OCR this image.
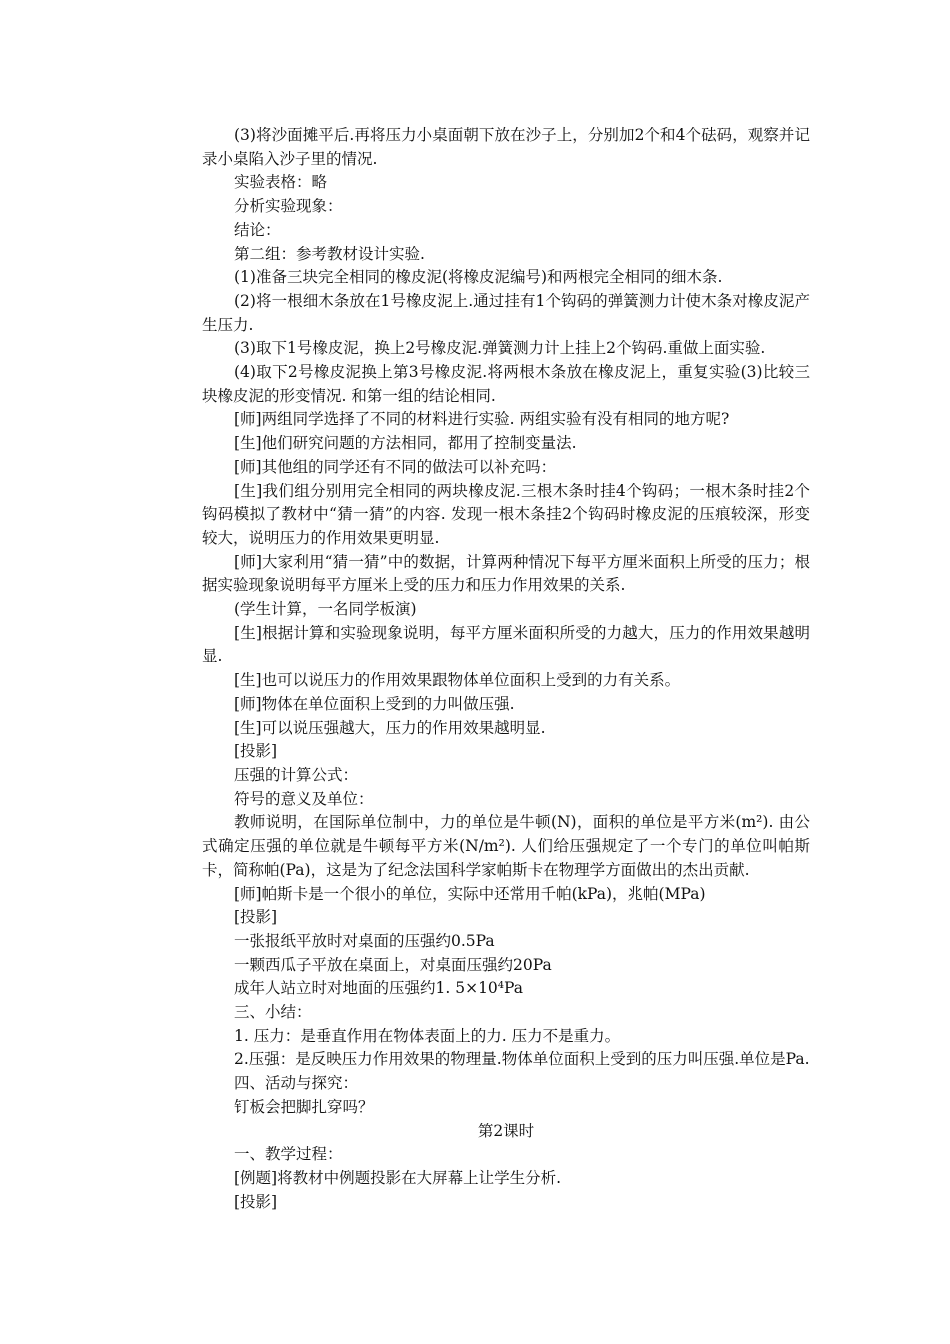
(3)将沙面摊平后.再将压力小桌面朝下放在沙子上，分别加2个和4个砝码，观察并记录小桌陷入沙子里的情况.

实验表格：略

分析实验现象：

结论：

第二组：参考教材设计实验.

(1)准备三块完全相同的橡皮泥(将橡皮泥编号)和两根完全相同的细木条.

(2)将一根细木条放在1号橡皮泥上.通过挂有1个钩码的弹簧测力计使木条对橡皮泥产生压力.

(3)取下1号橡皮泥，换上2号橡皮泥.弹簧测力计上挂上2个钩码.重做上面实验.

(4)取下2号橡皮泥换上第3号橡皮泥.将两根木条放在橡皮泥上，重复实验(3)比较三块橡皮泥的形变情况. 和第一组的结论相同.

[师]两组同学选择了不同的材料进行实验. 两组实验有没有相同的地方呢?

[生]他们研究问题的方法相同，都用了控制变量法.

[师]其他组的同学还有不同的做法可以补充吗：

[生]我们组分别用完全相同的两块橡皮泥.三根木条时挂4个钩码；一根木条时挂2个钩码模拟了教材中“猜一猜”的内容. 发现一根木条挂2个钩码时橡皮泥的压痕较深，形变较大，说明压力的作用效果更明显.

[师]大家利用“猜一猜”中的数据，计算两种情况下每平方厘米面积上所受的压力；根据实验现象说明每平方厘米上受的压力和压力作用效果的关系.

(学生计算，一名同学板演)

[生]根据计算和实验现象说明，每平方厘米面积所受的力越大，压力的作用效果越明显.

[生]也可以说压力的作用效果跟物体单位面积上受到的力有关系。

[师]物体在单位面积上受到的力叫做压强.

[生]可以说压强越大，压力的作用效果越明显.

[投影]

压强的计算公式：

符号的意义及单位：

教师说明，在国际单位制中，力的单位是牛顿(N)，面积的单位是平方米(m²). 由公式确定压强的单位就是牛顿每平方米(N/m²). 人们给压强规定了一个专门的单位叫帕斯卡，简称帕(Pa)，这是为了纪念法国科学家帕斯卡在物理学方面做出的杰出贡献.

[师]帕斯卡是一个很小的单位，实际中还常用千帕(kPa)，兆帕(MPa)

[投影]

一张报纸平放时对桌面的压强约0.5Pa

一颗西瓜子平放在桌面上，对桌面压强约20Pa

成年人站立时对地面的压强约1. 5×10⁴Pa

三、小结：

1. 压力：是垂直作用在物体表面上的力. 压力不是重力。

2.压强：是反映压力作用效果的物理量.物体单位面积上受到的压力叫压强.单位是Pa.

四、活动与探究：

钉板会把脚扎穿吗？

第2课时

一、教学过程：

[例题]将教材中例题投影在大屏幕上让学生分析.

[投影]
